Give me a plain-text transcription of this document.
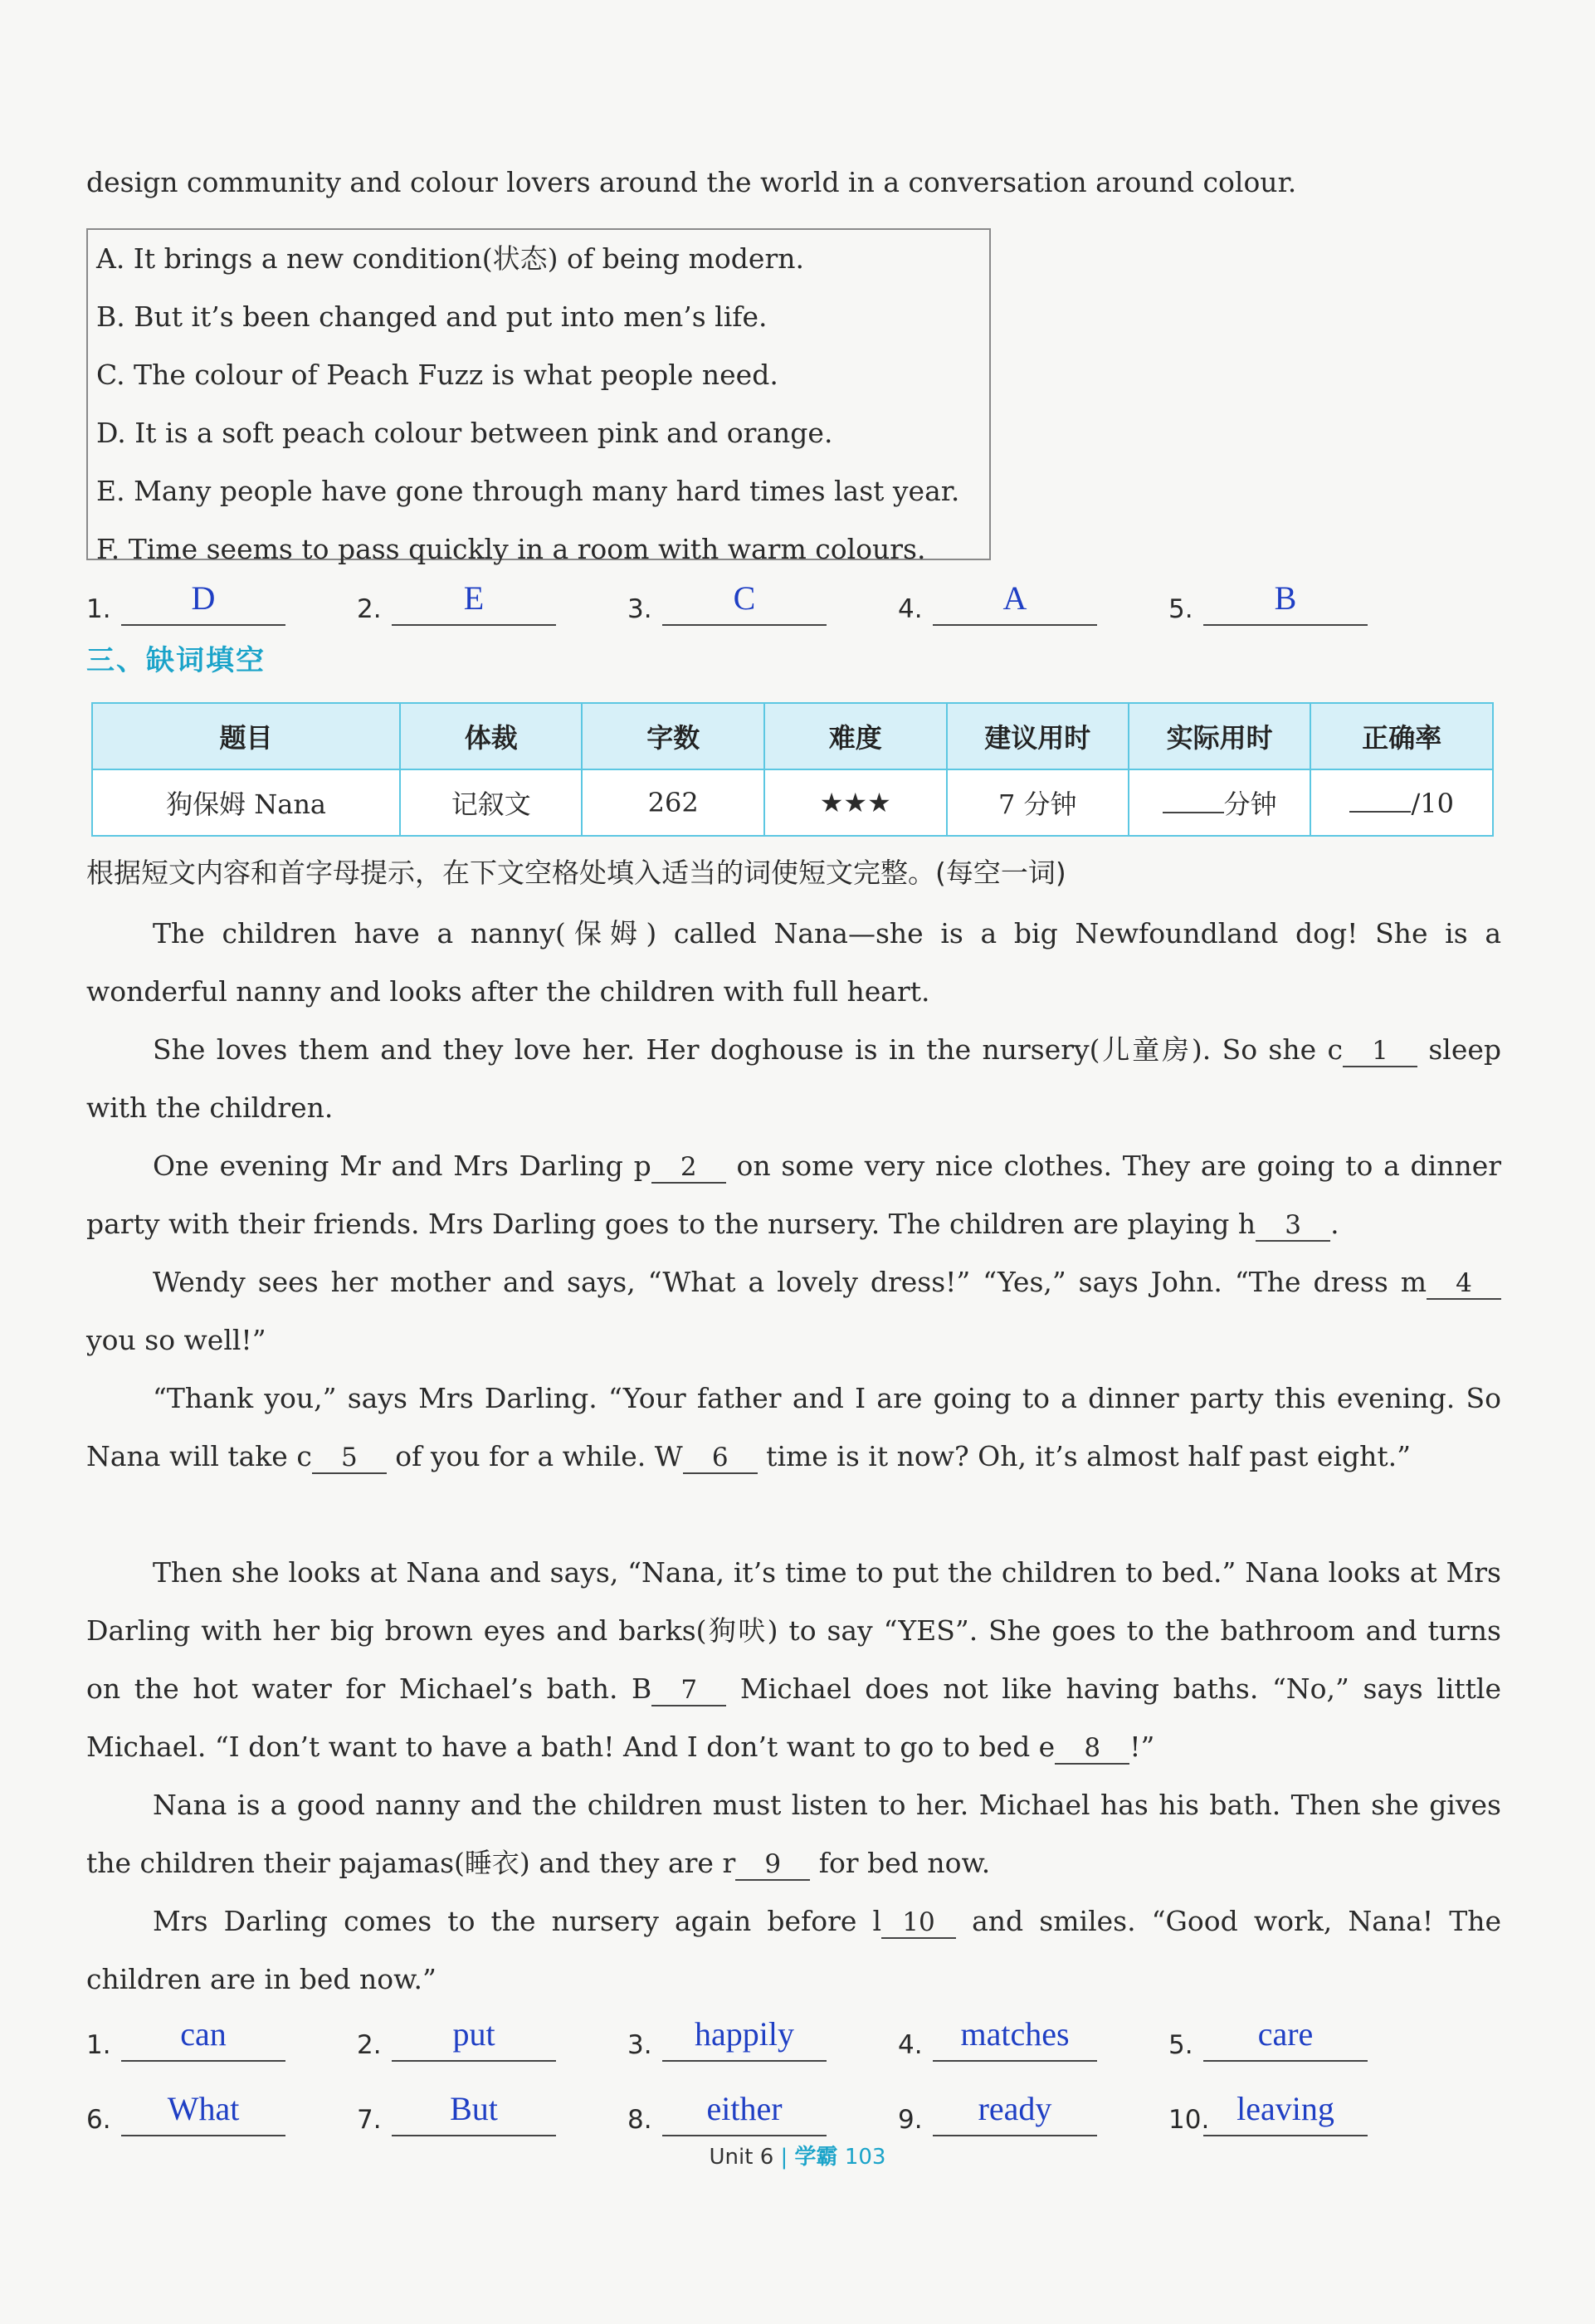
design community and colour lovers around the world in a conversation around colour.
A. It brings a new condition(状态) of being modern.
B. But it’s been changed and put into men’s life.
C. The colour of Peach Fuzz is what people need.
D. It is a soft peach colour between pink and orange.
E. Many people have gone through many hard times last year.
F. Time seems to pass quickly in a room with warm colours.
1.	D	2.	E	3.	C	4.	A	5.	B
三、缺词填空
题目	体裁	字数	难度	建议用时	实际用时	正确率
狗保姆 Nana	记叙文	262	★★★	7 分钟	分钟	/10
根据短文内容和首字母提示，在下文空格处填入适当的词使短文完整。(每空一词)
The children have a nanny(保姆) called Nana—she is a big Newfoundland dog! She is a wonderful nanny and looks after the children with full heart.
She loves them and they love her. Her doghouse is in the nursery(儿童房). So she c 1 sleep with the children.
One evening Mr and Mrs Darling p 2 on some very nice clothes. They are going to a dinner party with their friends. Mrs Darling goes to the nursery. The children are playing h 3 .
Wendy sees her mother and says, “What a lovely dress!” “Yes,” says John. “The dress m 4 you so well!”
“Thank you,” says Mrs Darling. “Your father and I are going to a dinner party this evening. So Nana will take c 5 of you for a while. W 6 time is it now? Oh, it’s almost half past eight.”
Then she looks at Nana and says, “Nana, it’s time to put the children to bed.” Nana looks at Mrs Darling with her big brown eyes and barks(狗吠) to say “YES”. She goes to the bathroom and turns on the hot water for Michael’s bath. B 7 Michael does not like having baths. “No,” says little Michael. “I don’t want to have a bath! And I don’t want to go to bed e 8 !”
Nana is a good nanny and the children must listen to her. Michael has his bath. Then she gives the children their pajamas(睡衣) and they are r 9 for bed now.
Mrs Darling comes to the nursery again before l 10 and smiles. “Good work, Nana! The children are in bed now.”
1.	can	2.	put	3.	happily	4.	matches	5.	care
6.	What	7.	But	8.	either	9.	ready	10. leaving
Unit 6 | 学霸 103
